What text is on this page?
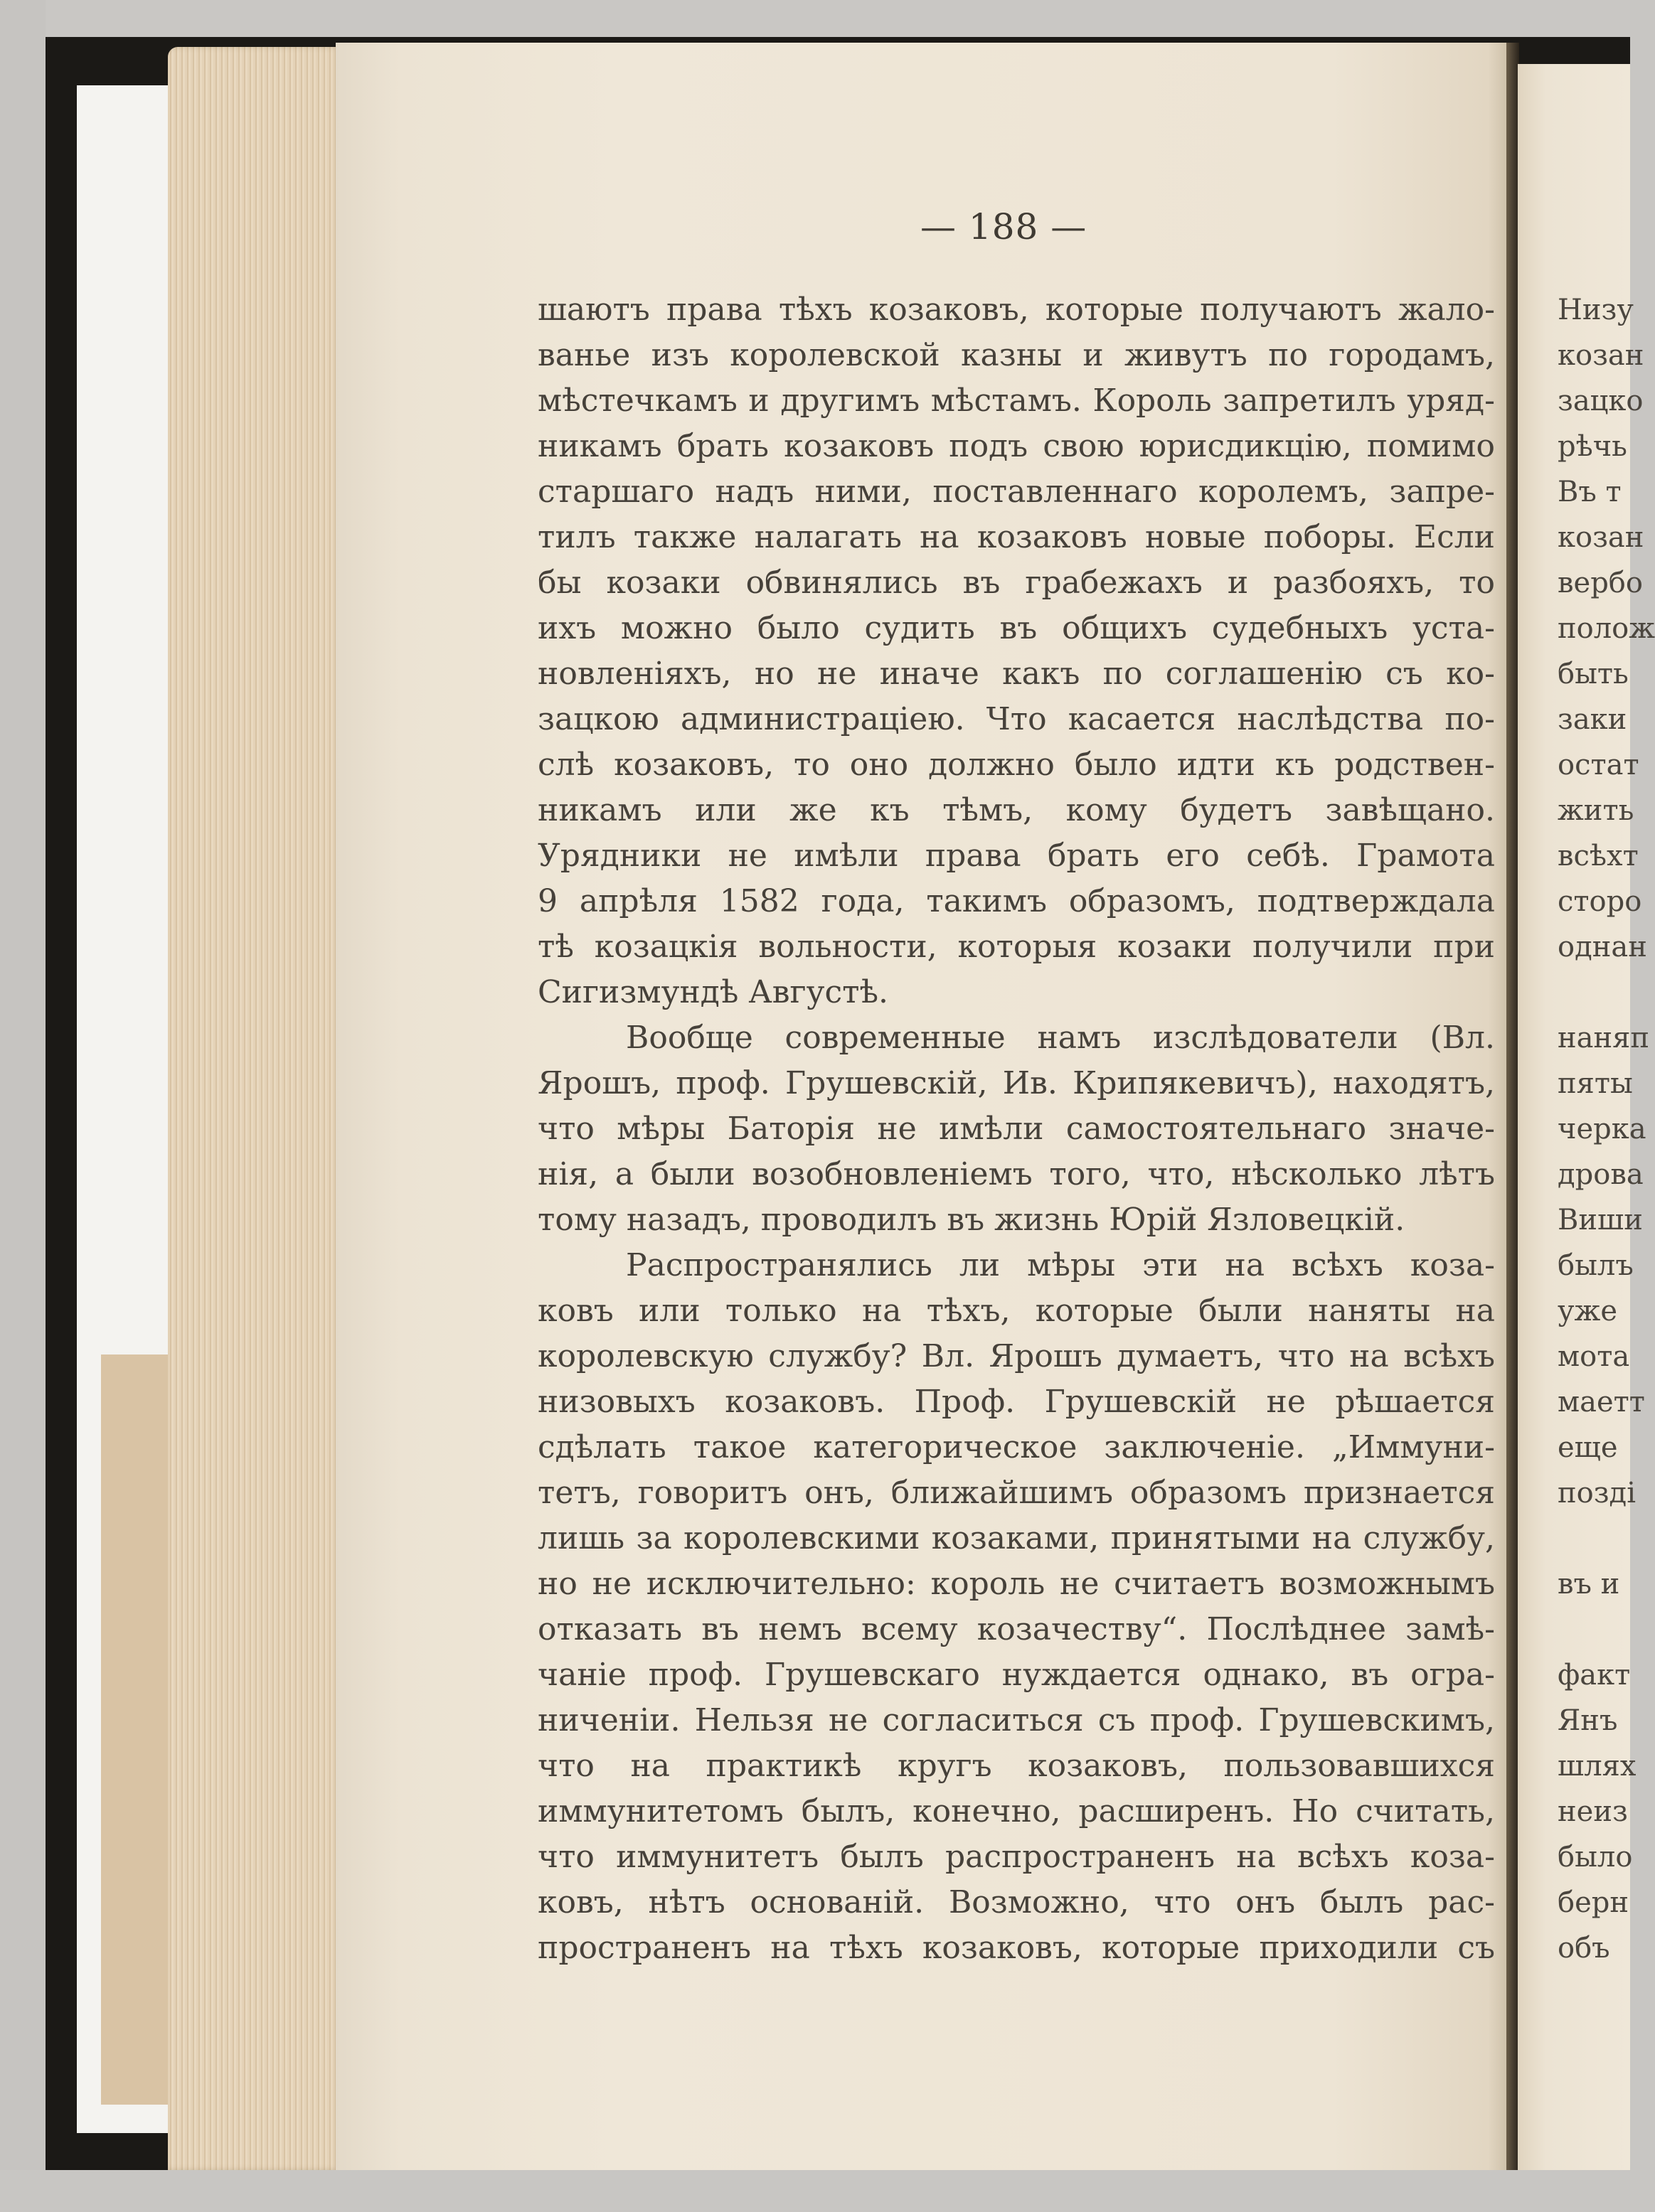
— 188 —
шаютъ права тѣхъ козаковъ, которые получаютъ жало-
ванье изъ королевской казны и живутъ по городамъ,
мѣстечкамъ и другимъ мѣстамъ. Король запретилъ уряд-
никамъ брать козаковъ подъ свою юрисдикцію, помимо
старшаго надъ ними, поставленнаго королемъ, запре-
тилъ также налагать на козаковъ новые поборы. Если
бы козаки обвинялись въ грабежахъ и разбояхъ, то
ихъ можно было судить въ общихъ судебныхъ уста-
новленіяхъ, но не иначе какъ по соглашенію съ ко-
зацкою администраціею. Что касается наслѣдства по-
слѣ козаковъ, то оно должно было идти къ родствен-
никамъ или же къ тѣмъ, кому будетъ завѣщано.
Урядники не имѣли права брать его себѣ. Грамота
9 апрѣля 1582 года, такимъ образомъ, подтверждала
тѣ козацкія вольности, которыя козаки получили при
Сигизмундѣ Августѣ.
Вообще современные намъ изслѣдователи (Вл.
Ярошъ, проф. Грушевскій, Ив. Крипякевичъ), находятъ,
что мѣры Баторія не имѣли самостоятельнаго значе-
нія, а были возобновленіемъ того, что, нѣсколько лѣтъ
тому назадъ, проводилъ въ жизнь Юрій Язловецкій.
Распространялись ли мѣры эти на всѣхъ коза-
ковъ или только на тѣхъ, которые были наняты на
королевскую службу? Вл. Ярошъ думаетъ, что на всѣхъ
низовыхъ козаковъ. Проф. Грушевскій не рѣшается
сдѣлать такое категорическое заключеніе. „Иммуни-
тетъ, говоритъ онъ, ближайшимъ образомъ признается
лишь за королевскими козаками, принятыми на службу,
но не исключительно: король не считаетъ возможнымъ
отказать въ немъ всему козачеству“. Послѣднее замѣ-
чаніе проф. Грушевскаго нуждается однако, въ огра-
ниченіи. Нельзя не согласиться съ проф. Грушевскимъ,
что на практикѣ кругъ козаковъ, пользовавшихся
иммунитетомъ былъ, конечно, расширенъ. Но считать,
что иммунитетъ былъ распространенъ на всѣхъ коза-
ковъ, нѣтъ основаній. Возможно, что онъ былъ рас-
пространенъ на тѣхъ козаковъ, которые приходили съ
Низу
козан
зацко
рѣчь
Въ т
козан
вербо
полож
быть
заки
остат
жить
всѣхт
сторо
однан
наняп
пяты
черка
дрова
Виши
былъ
уже
мота
маетт
еще
позді
въ и
факт
Янъ
шлях
неиз
было
берн
объ
